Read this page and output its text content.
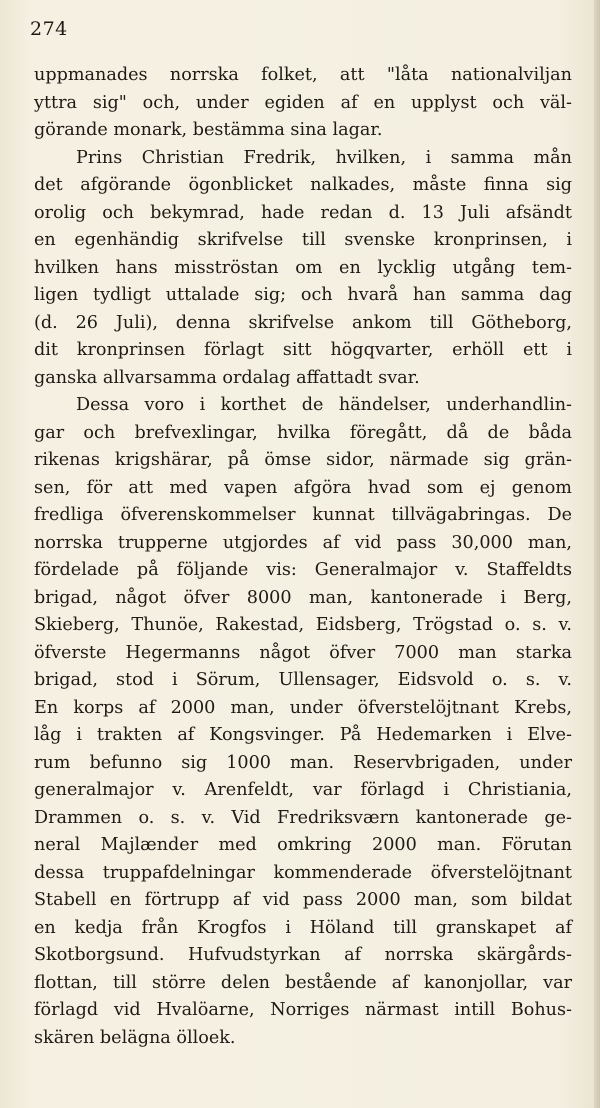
274
uppmanades norrska folket, att "låta nationalviljan
yttra sig" och, under egiden af en upplyst och väl-
görande monark, bestämma sina lagar.
Prins Christian Fredrik, hvilken, i samma mån
det afgörande ögonblicket nalkades, måste finna sig
orolig och bekymrad, hade redan d. 13 Juli afsändt
en egenhändig skrifvelse till svenske kronprinsen, i
hvilken hans misströstan om en lycklig utgång tem-
ligen tydligt uttalade sig; och hvarå han samma dag
(d. 26 Juli), denna skrifvelse ankom till Götheborg,
dit kronprinsen förlagt sitt högqvarter, erhöll ett i
ganska allvarsamma ordalag affattadt svar.
Dessa voro i korthet de händelser, underhandlin-
gar och brefvexlingar, hvilka föregått, då de båda
rikenas krigshärar, på ömse sidor, närmade sig grän-
sen, för att med vapen afgöra hvad som ej genom
fredliga öfverenskommelser kunnat tillvägabringas. De
norrska trupperne utgjordes af vid pass 30,000 man,
fördelade på följande vis: Generalmajor v. Staffeldts
brigad, något öfver 8000 man, kantonerade i Berg,
Skieberg, Thunöe, Rakestad, Eidsberg, Trögstad o. s. v.
öfverste Hegermanns något öfver 7000 man starka
brigad, stod i Sörum, Ullensager, Eidsvold o. s. v.
En korps af 2000 man, under öfverstelöjtnant Krebs,
låg i trakten af Kongsvinger. På Hedemarken i Elve-
rum befunno sig 1000 man. Reservbrigaden, under
generalmajor v. Arenfeldt, var förlagd i Christiania,
Drammen o. s. v. Vid Fredriksværn kantonerade ge-
neral Majlænder med omkring 2000 man. Förutan
dessa truppafdelningar kommenderade öfverstelöjtnant
Stabell en förtrupp af vid pass 2000 man, som bildat
en kedja från Krogfos i Höland till granskapet af
Skotborgsund. Hufvudstyrkan af norrska skärgårds-
flottan, till större delen bestående af kanonjollar, var
förlagd vid Hvalöarne, Norriges närmast intill Bohus-
skären belägna ölloek.
